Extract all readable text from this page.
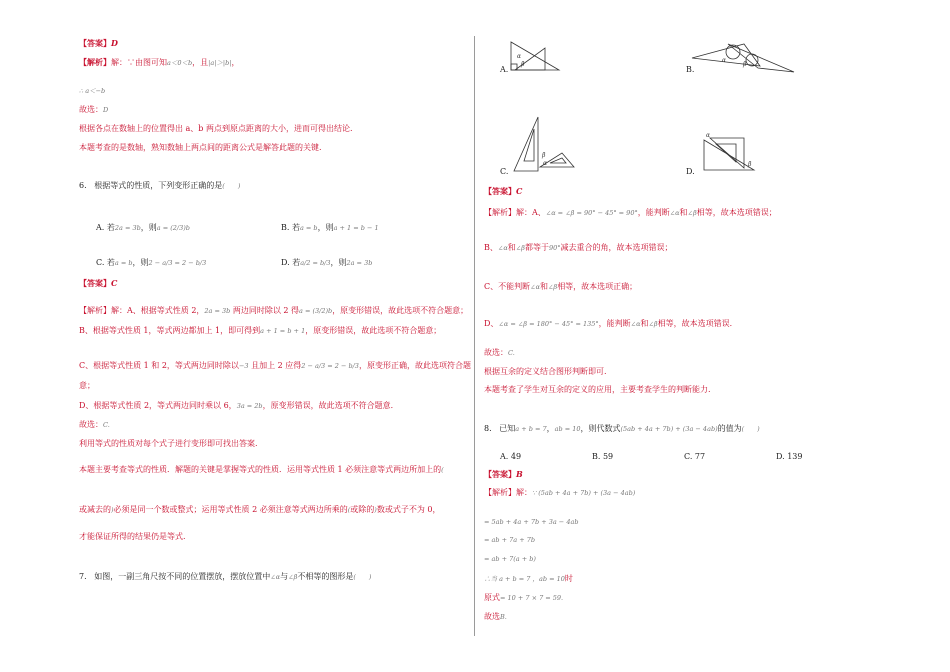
【答案】D
【解析】解：∵由图可知a＜0＜b，且|a|＞|b|，
∴ a＜−b
故选：D
根据各点在数轴上的位置得出 a、b 两点到原点距离的大小，进而可得出结论.
本题考查的是数轴，熟知数轴上两点间的距离公式是解答此题的关键.
6. 根据等式的性质，下列变形正确的是(　　)
A. 若2a = 3b，则a = (2/3)b	B. 若a = b，则a + 1 = b − 1
C. 若a = b，则2 − a/3 = 2 − b/3	D. 若a/2 = b/3，则2a = 3b
【答案】C
【解析】解：A、根据等式性质 2，2a = 3b 两边同时除以 2 得a = (3/2)b，原变形错误，故此选项不符合题意；
B、根据等式性质 1，等式两边都加上 1，即可得到a + 1 = b + 1，原变形错误，故此选项不符合题意；
C、根据等式性质 1 和 2，等式两边同时除以−3 且加上 2 应得2 − a/3 = 2 − b/3，原变形正确，故此选项符合题
意；
D、根据等式性质 2，等式两边同时乘以 6，3a = 2b，原变形错误，故此选项不符合题意．
故选：C.
利用等式的性质对每个式子进行变形即可找出答案.
本题主要考查等式的性质．解题的关键是掌握等式的性质．运用等式性质 1 必须注意等式两边所加上的(
或减去的)必须是同一个数或整式；运用等式性质 2 必须注意等式两边所乘的(或除的)数或式子不为 0，
才能保证所得的结果仍是等式.
7. 如图，一副三角尺按不同的位置摆放，摆放位置中∠α与∠β不相等的图形是(　　)
α
β
A.
α
β
B.
α
β
C.
α
β
D.
【答案】C
【解析】解：A、∠α = ∠β = 90° − 45° = 90°，能判断∠α和∠β相等，故本选项错误；
B、∠α和∠β都等于90°减去重合的角，故本选项错误；
C、不能判断∠α和∠β相等，故本选项正确；
D、∠α = ∠β = 180° − 45° = 135°，能判断∠α和∠β相等，故本选项错误．
故选：C.
根据互余的定义结合图形判断即可.
本题考查了学生对互余的定义的应用，主要考查学生的判断能力.
8. 已知a + b = 7，ab = 10，则代数式(5ab + 4a + 7b) + (3a − 4ab)的值为(　　)
A. 49	B. 59	C. 77	D. 139
【答案】B
【解析】解：∵ (5ab + 4a + 7b) + (3a − 4ab)
= 5ab + 4a + 7b + 3a − 4ab
= ab + 7a + 7b
= ab + 7(a + b)
∴当 a + b = 7 ，ab = 10时
原式= 10 + 7 × 7 = 59.
故选B.
